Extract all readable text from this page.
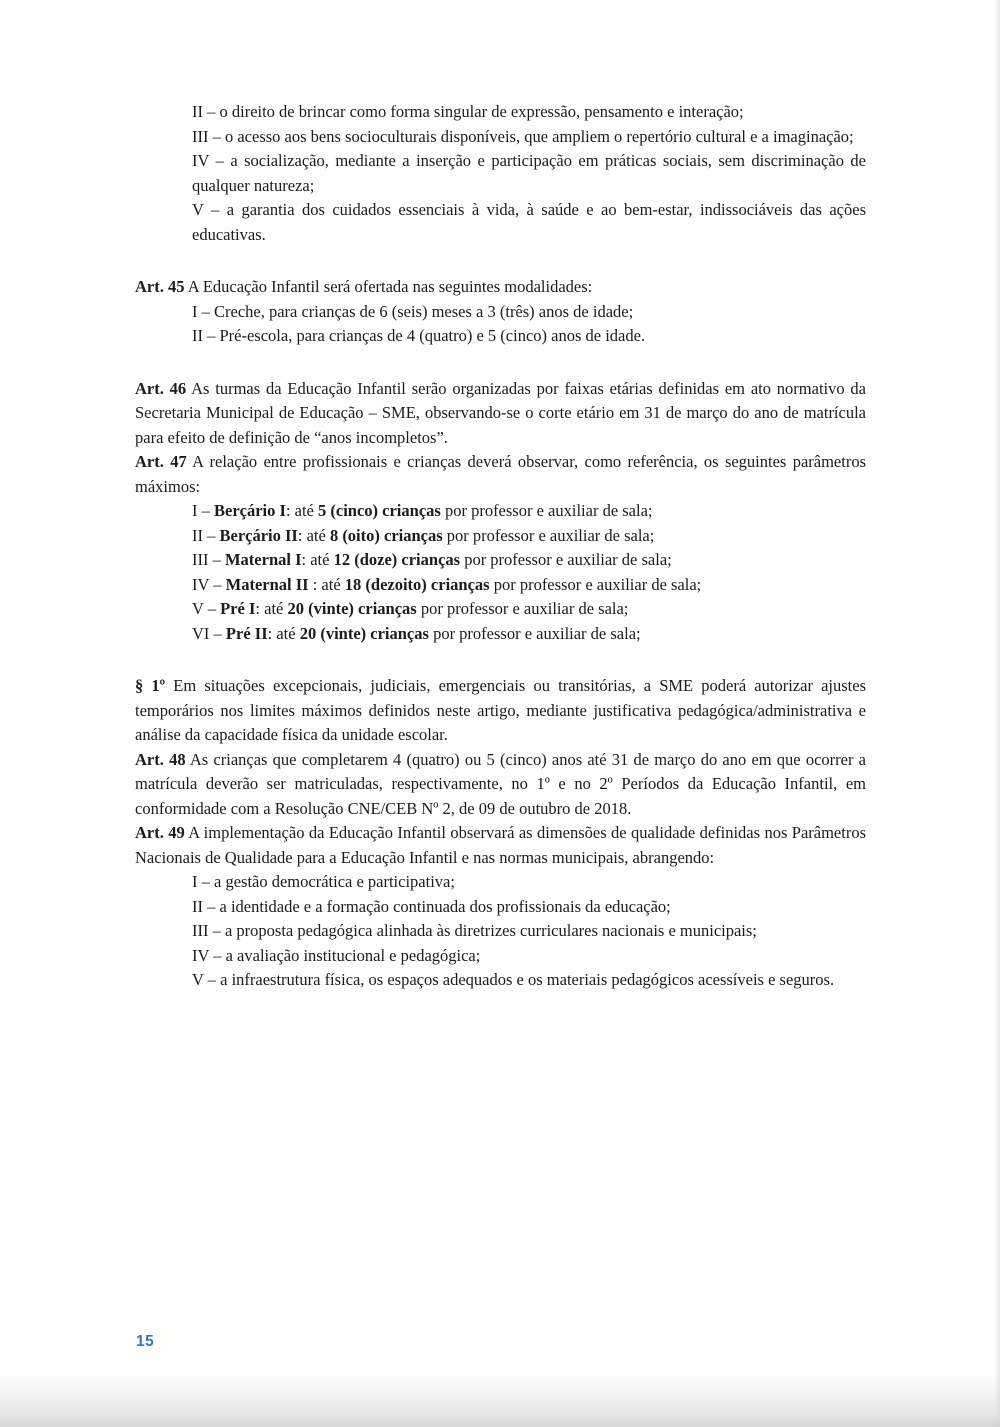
II – o direito de brincar como forma singular de expressão, pensamento e interação;

III – o acesso aos bens socioculturais disponíveis, que ampliem o repertório cultural e a imaginação;

IV – a socialização, mediante a inserção e participação em práticas sociais, sem discriminação de qualquer natureza;

V – a garantia dos cuidados essenciais à vida, à saúde e ao bem-estar, indissociáveis das ações educativas.

Art. 45 A Educação Infantil será ofertada nas seguintes modalidades:

I – Creche, para crianças de 6 (seis) meses a 3 (três) anos de idade;

II – Pré-escola, para crianças de 4 (quatro) e 5 (cinco) anos de idade.

Art. 46 As turmas da Educação Infantil serão organizadas por faixas etárias definidas em ato normativo da Secretaria Municipal de Educação – SME, observando-se o corte etário em 31 de março do ano de matrícula para efeito de definição de “anos incompletos”.

Art. 47 A relação entre profissionais e crianças deverá observar, como referência, os seguintes parâmetros máximos:

I – Berçário I: até 5 (cinco) crianças por professor e auxiliar de sala;

II – Berçário II: até 8 (oito) crianças por professor e auxiliar de sala;

III – Maternal I: até 12 (doze) crianças por professor e auxiliar de sala;

IV – Maternal II : até 18 (dezoito) crianças por professor e auxiliar de sala;

V – Pré I: até 20 (vinte) crianças por professor e auxiliar de sala;

VI – Pré II: até 20 (vinte) crianças por professor e auxiliar de sala;

§ 1º Em situações excepcionais, judiciais, emergenciais ou transitórias, a SME poderá autorizar ajustes temporários nos limites máximos definidos neste artigo, mediante justificativa pedagógica/administrativa e análise da capacidade física da unidade escolar.

Art. 48 As crianças que completarem 4 (quatro) ou 5 (cinco) anos até 31 de março do ano em que ocorrer a matrícula deverão ser matriculadas, respectivamente, no 1º e no 2º Períodos da Educação Infantil, em conformidade com a Resolução CNE/CEB Nº 2, de 09 de outubro de 2018.

Art. 49 A implementação da Educação Infantil observará as dimensões de qualidade definidas nos Parâmetros Nacionais de Qualidade para a Educação Infantil e nas normas municipais, abrangendo:

I – a gestão democrática e participativa;

II – a identidade e a formação continuada dos profissionais da educação;

III – a proposta pedagógica alinhada às diretrizes curriculares nacionais e municipais;

IV – a avaliação institucional e pedagógica;

V – a infraestrutura física, os espaços adequados e os materiais pedagógicos acessíveis e seguros.

15
